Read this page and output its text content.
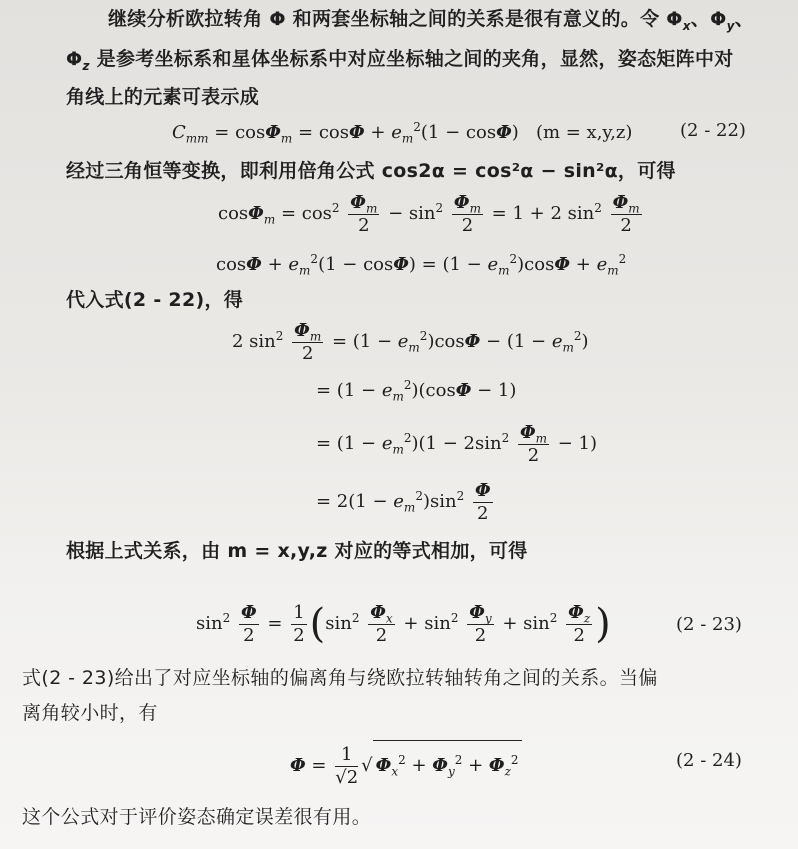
继续分析欧拉转角 Φ 和两套坐标轴之间的关系是很有意义的。令 $\Phi_x$、$\Phi_y$、
$\Phi_z$ 是参考坐标系和星体坐标系中对应坐标轴之间的夹角，显然，姿态矩阵中对
角线上的元素可表示成
$C_{mm} = \cos\Phi_m = \cos\Phi + e_m^2(1 - \cos\Phi) (m = x,y,z)$	(2 - 22)
经过三角恒等变换，即利用倍角公式 cos2α = cos²α − sin²α，可得
$\cos\Phi_m = \cos^2 \frac{\Phi_m}{2} - \sin^2 \frac{\Phi_m}{2} = 1 + 2$ $\sin^2 \frac{\Phi_m}{2}$
$\cos\Phi + e_m^2(1 - \cos\Phi) = (1 - e_m^2)\cos\Phi + e_m^2$
代入式(2 - 22)，得
2 $\sin^2 \frac{\Phi_m}{2} = (1 - e_m^2)\cos\Phi - (1 - e_m^2)$
= $(1 - e_m^2)(\cos\Phi - 1)$
= $(1 - e_m^2)(1 - 2\sin^2 \frac{\Phi_m}{2} - 1)$
= $2(1 - e_m^2)\sin^2 \frac{\Phi}{2}$
根据上式关系，由 m = x,y,z 对应的等式相加，可得
$\sin^2 \frac{\Phi}{2} = \frac{1}{2} (\sin^2 \frac{\Phi_x}{2} + \sin^2 \frac{\Phi_y}{2} + \sin^2 \frac{\Phi_z}{2}$ )	(2 - 23)
式(2 - 23)给出了对应坐标轴的偏离角与绕欧拉转轴转角之间的关系。当偏
离角较小时，有
$\Phi = \frac{1}{√2}$ √ $\Phi_x^2 + \Phi_y^2 + \Phi_z^2$	(2 - 24)
这个公式对于评价姿态确定误差很有用。
